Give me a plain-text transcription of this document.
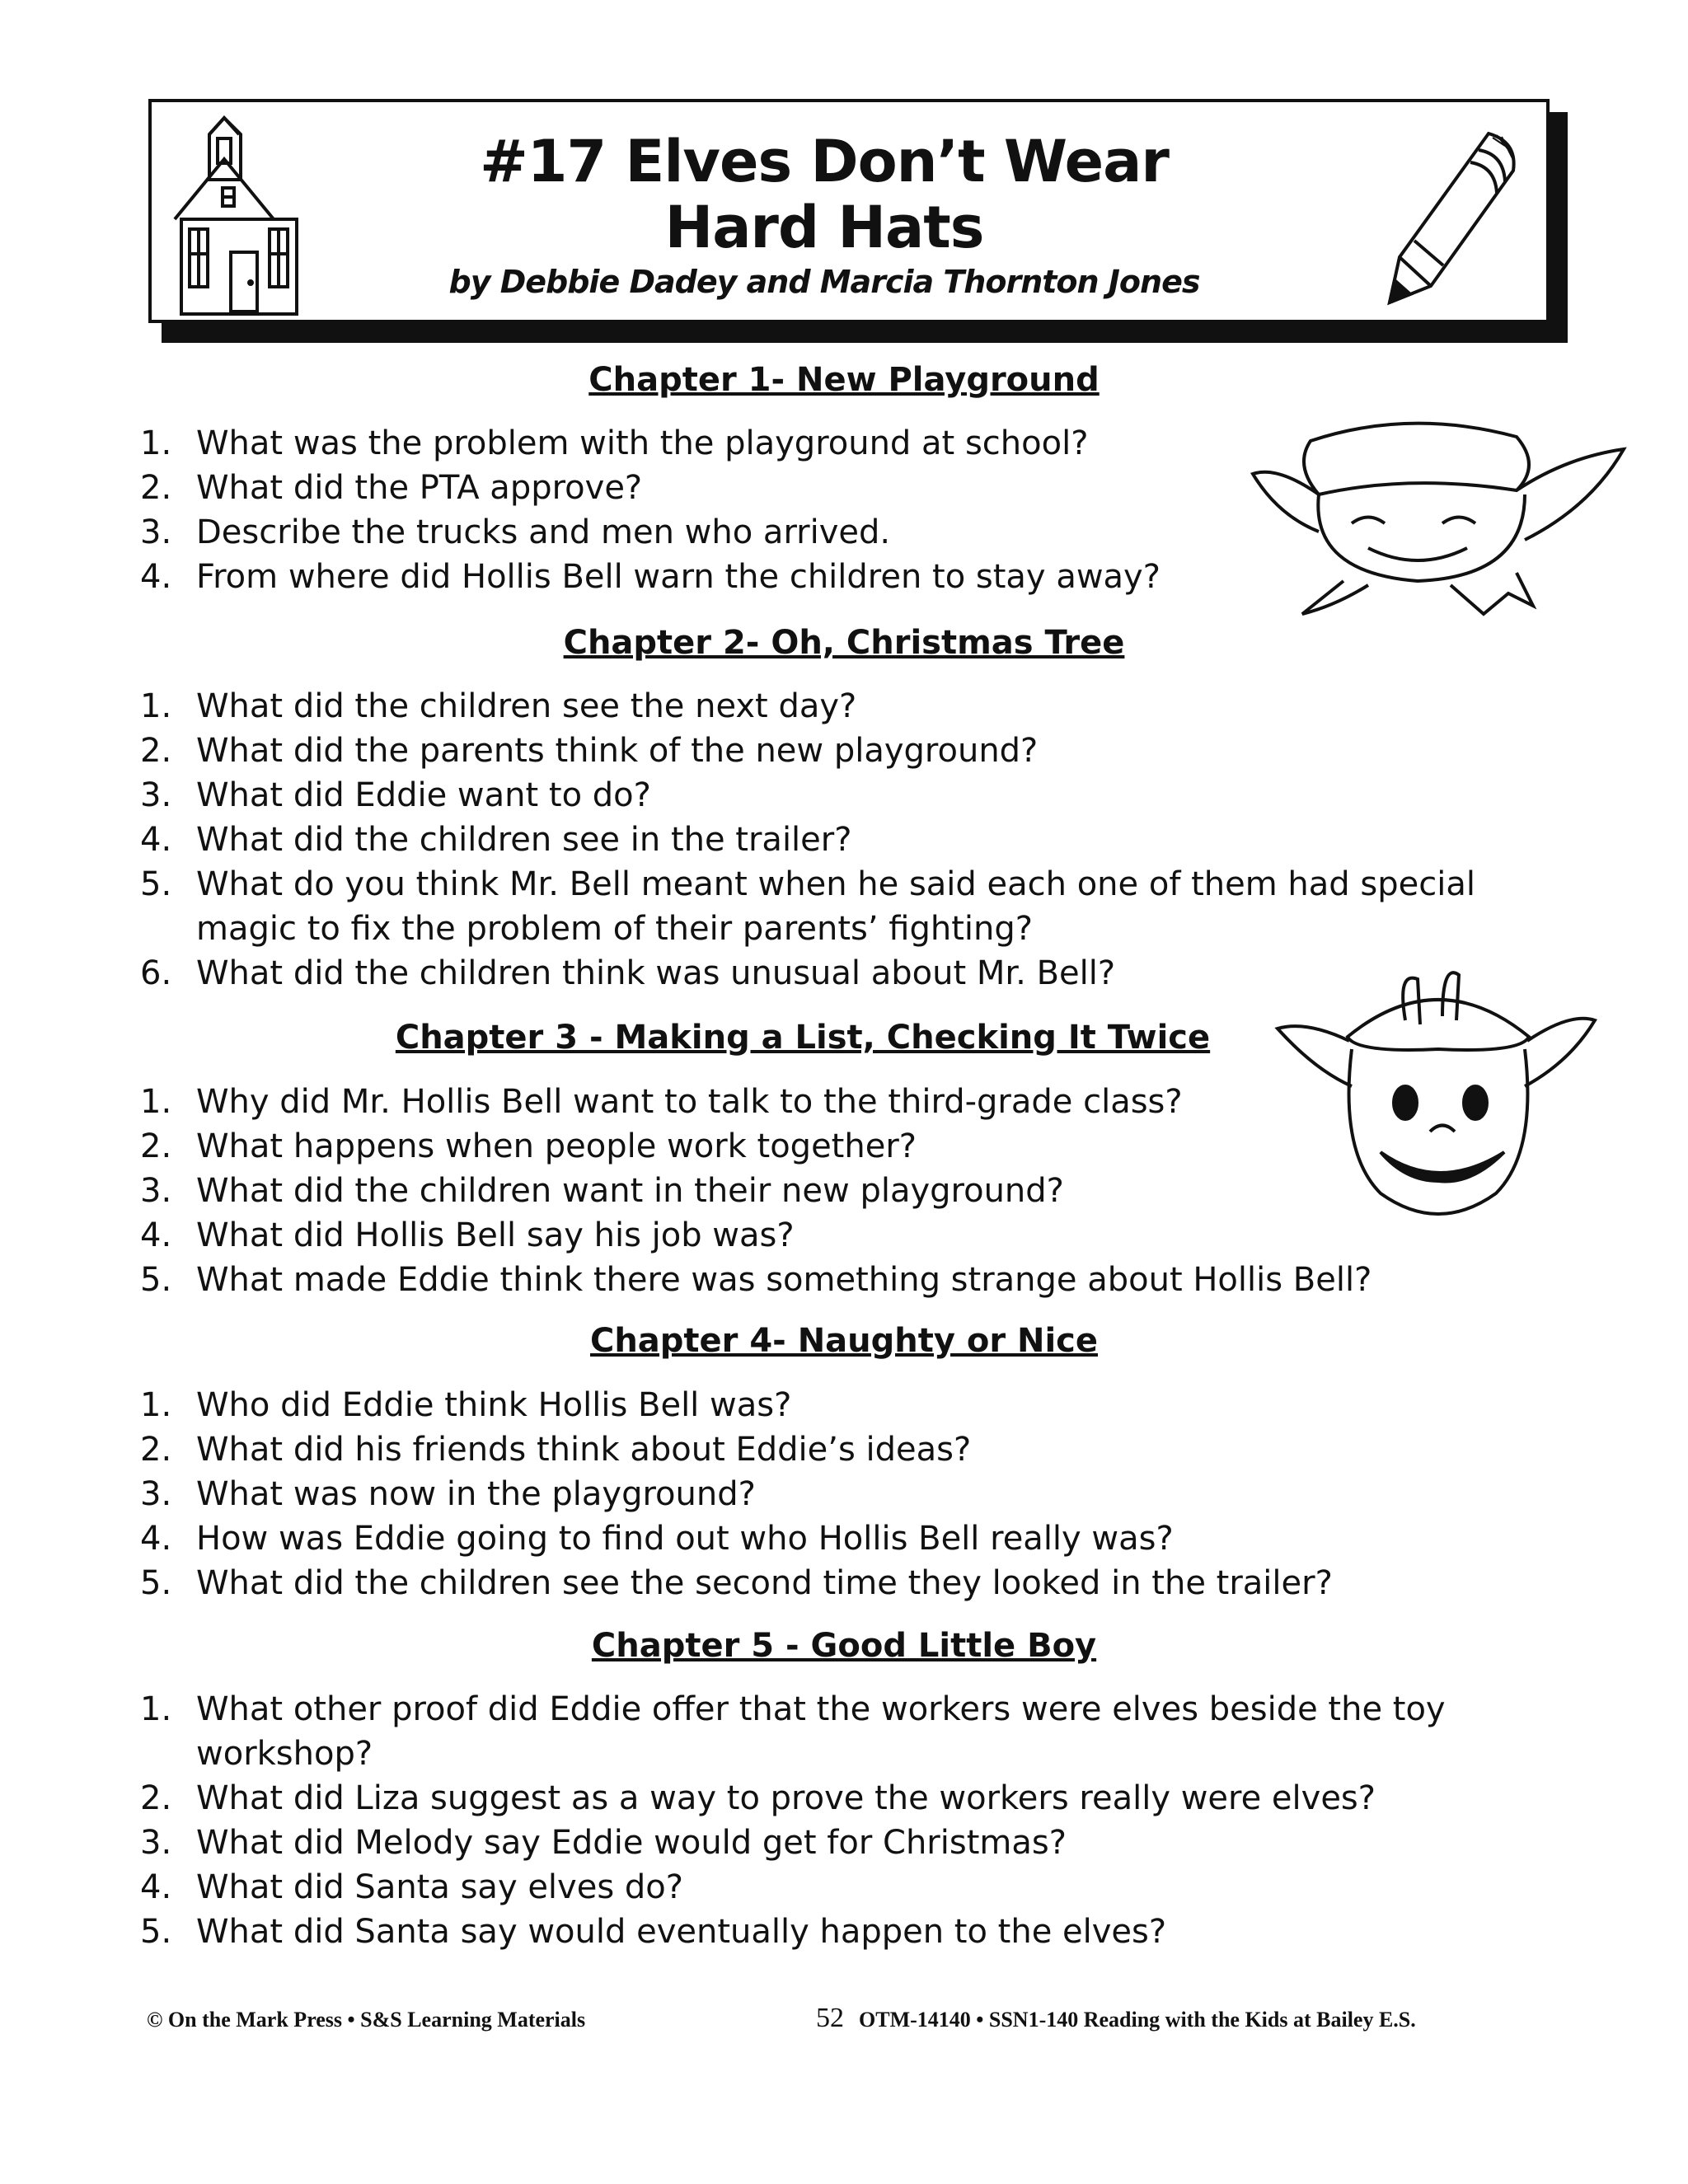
#17 Elves Don’t Wear
Hard Hats
by Debbie Dadey and Marcia Thornton Jones
Chapter 1- New Playground
1. What was the problem with the playground at school?
2. What did the PTA approve?
3. Describe the trucks and men who arrived.
4. From where did Hollis Bell warn the children to stay away?
Chapter 2- Oh, Christmas Tree
1. What did the children see the next day?
2. What did the parents think of the new playground?
3. What did Eddie want to do?
4. What did the children see in the trailer?
5. What do you think Mr. Bell meant when he said each one of them had special magic to fix the problem of their parents’ fighting?
6. What did the children think was unusual about Mr. Bell?
Chapter 3 - Making a List, Checking It Twice
1. Why did Mr. Hollis Bell want to talk to the third-grade class?
2. What happens when people work together?
3. What did the children want in their new playground?
4. What did Hollis Bell say his job was?
5. What made Eddie think there was something strange about Hollis Bell?
Chapter 4- Naughty or Nice
1. Who did Eddie think Hollis Bell was?
2. What did his friends think about Eddie’s ideas?
3. What was now in the playground?
4. How was Eddie going to find out who Hollis Bell really was?
5. What did the children see the second time they looked in the trailer?
Chapter 5 - Good Little Boy
1. What other proof did Eddie offer that the workers were elves beside the toy workshop?
2. What did Liza suggest as a way to prove the workers really were elves?
3. What did Melody say Eddie would get for Christmas?
4. What did Santa say elves do?
5. What did Santa say would eventually happen to the elves?
© On the Mark Press • S&S Learning Materials	52 OTM-14140 • SSN1-140 Reading with the Kids at Bailey E.S.
